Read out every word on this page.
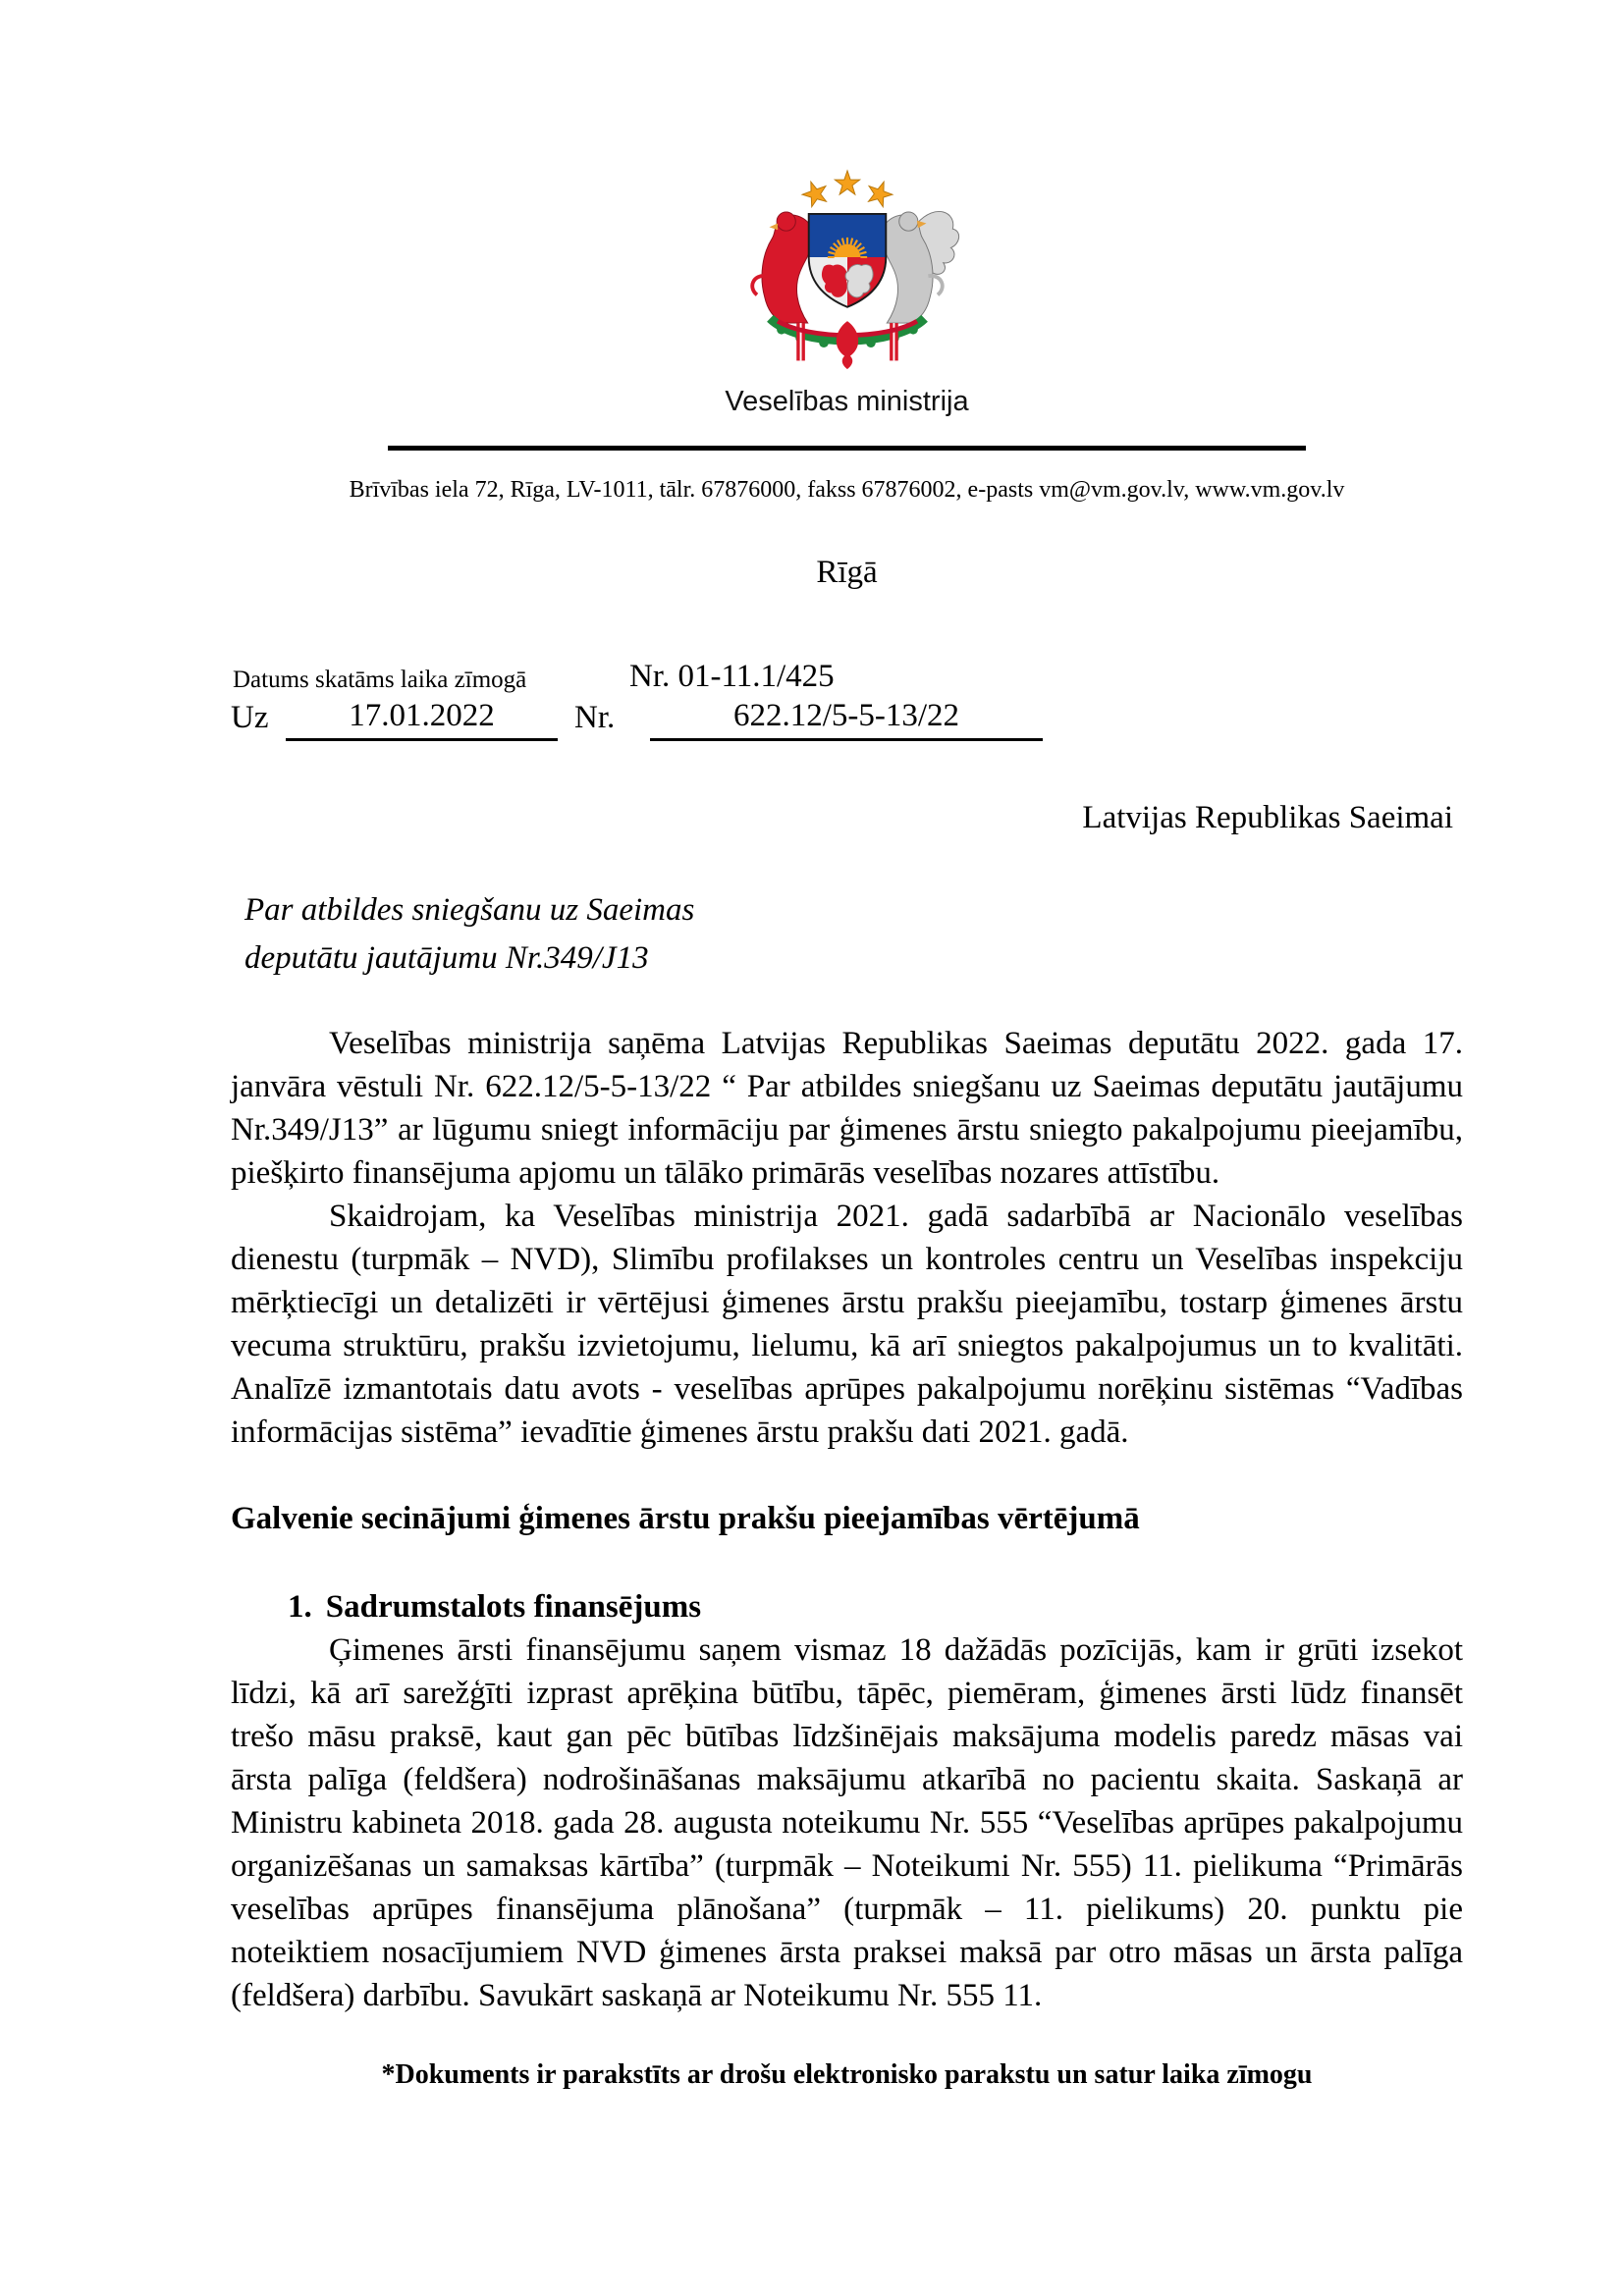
Veselības ministrija
Brīvības iela 72, Rīga, LV-1011, tālr. 67876000, fakss 67876002, e-pasts vm@vm.gov.lv, www.vm.gov.lv
Rīgā
Datums skatāms laika zīmogā	Nr. 01-11.1/425
Uz	17.01.2022	Nr.	622.12/5-5-13/22
Latvijas Republikas Saeimai
Par atbildes sniegšanu uz Saeimas
deputātu jautājumu Nr.349/J13

Veselības ministrija saņēma Latvijas Republikas Saeimas deputātu 2022. gada 17. janvāra vēstuli Nr. 622.12/5-5-13/22 “ Par atbildes sniegšanu uz Saeimas deputātu jautājumu Nr.349/J13” ar lūgumu sniegt informāciju par ģimenes ārstu sniegto pakalpojumu pieejamību, piešķirto finansējuma apjomu un tālāko primārās veselības nozares attīstību.

Skaidrojam, ka Veselības ministrija 2021. gadā sadarbībā ar Nacionālo veselības dienestu (turpmāk – NVD), Slimību profilakses un kontroles centru un Veselības inspekciju mērķtiecīgi un detalizēti ir vērtējusi ģimenes ārstu prakšu pieejamību, tostarp ģimenes ārstu vecuma struktūru, prakšu izvietojumu, lielumu, kā arī sniegtos pakalpojumus un to kvalitāti. Analīzē izmantotais datu avots - veselības aprūpes pakalpojumu norēķinu sistēmas “Vadības informācijas sistēma” ievadītie ģimenes ārstu prakšu dati 2021. gadā.

Galvenie secinājumi ģimenes ārstu prakšu pieejamības vērtējumā
1. Sadrumstalots finansējums

Ģimenes ārsti finansējumu saņem vismaz 18 dažādās pozīcijās, kam ir grūti izsekot līdzi, kā arī sarežģīti izprast aprēķina būtību, tāpēc, piemēram, ģimenes ārsti lūdz finansēt trešo māsu praksē, kaut gan pēc būtības līdzšinējais maksājuma modelis paredz māsas vai ārsta palīga (feldšera) nodrošināšanas maksājumu atkarībā no pacientu skaita. Saskaņā ar Ministru kabineta 2018. gada 28. augusta noteikumu Nr. 555 “Veselības aprūpes pakalpojumu organizēšanas un samaksas kārtība” (turpmāk – Noteikumi Nr. 555) 11. pielikuma “Primārās veselības aprūpes finansējuma plānošana” (turpmāk – 11. pielikums) 20. punktu pie noteiktiem nosacījumiem NVD ģimenes ārsta praksei maksā par otro māsas un ārsta palīga (feldšera) darbību. Savukārt saskaņā ar Noteikumu Nr. 555 11.

*Dokuments ir parakstīts ar drošu elektronisko parakstu un satur laika zīmogu
